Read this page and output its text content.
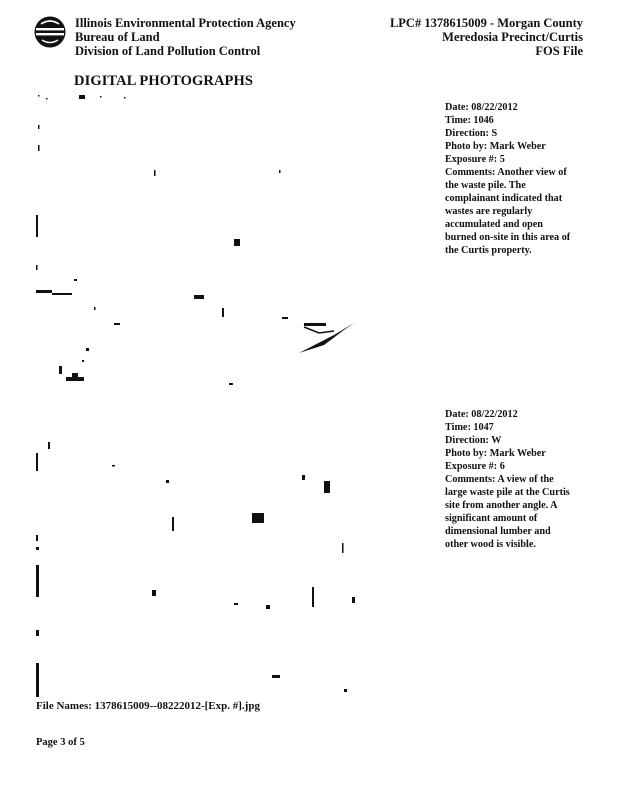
Illinois Environmental Protection Agency
Bureau of Land
Division of Land Pollution Control
LPC# 1378615009 - Morgan County
Meredosia Precinct/Curtis
FOS File
DIGITAL PHOTOGRAPHS
Date: 08/22/2012
Time: 1046
Direction: S
Photo by: Mark Weber
Exposure #: 5
Comments: Another view of the waste pile. The complainant indicated that wastes are regularly accumulated and open burned on-site in this area of the Curtis property.
Date: 08/22/2012
Time: 1047
Direction: W
Photo by: Mark Weber
Exposure #: 6
Comments: A view of the large waste pile at the Curtis site from another angle. A significant amount of dimensional lumber and other wood is visible.
File Names: 1378615009--08222012-[Exp. #].jpg
Page 3 of 5
